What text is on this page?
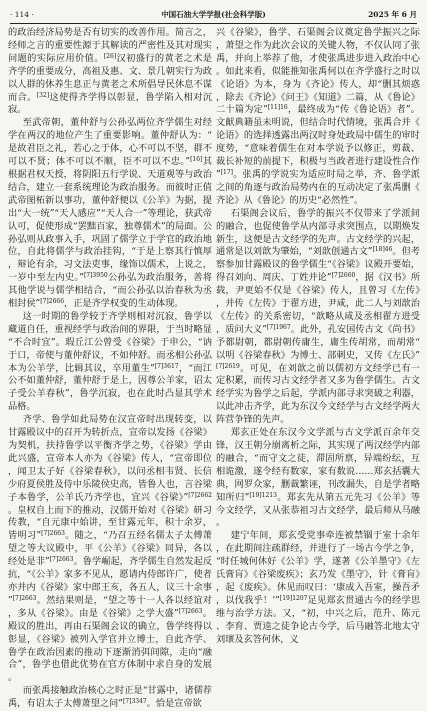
· 114 ·	中国石油大学学报(社会科学版)	2025 年 6 月

的政治经济局势是否有切实的改善作用。简言之，经师之言的重要性源于其解读的严密性及其对现实问题的实际应用价值。[26]汉初盛行的黄老之术是齐学的重要成分，高祖及惠、文、景几朝实行为政以人群的休养生息正与黄老之术所倡导民休息不谋而合。[32]这使得齐学得以彰显，鲁学陷入相对沉寂。

至武帝朝，董仲舒与公孙弘两位齐学儒生对经学在两汉的地位产生了重要影响。董仲舒认为：“是故君臣之礼，若心之于体，心不可以不坚，群不可以不贤；体不可以不顺，臣不可以不忠。”[16]其根据君权天授，将阴阳五行学说、天道观等与政治结合，建立一套系统理论为政治服务。而彼时正值武帝图柘新以事功，董仲舒便以《公羊》为据，提出“大一统”“天人感应”“天人合一”等理论，获武帝认可，促使形成“罢黜百家，独尊儒术”的局面。公孙弘则从政事入手，巩固了儒学立于学官的政治地位，自此将儒学与政治挂钩，“于是上察其行慎厚，辩论有余，习文法吏事，缘饰以儒术，上说之，一岁中至左内史。”$^{[7]3950}$公孙弘为政治服务，善将其他学说与儒学相结合，“而公孙弘以治春秋为丞相封侯”$^{[7]2666}$，正是齐学权变的生动体现。

这一时期的鲁学较于齐学则相对沉寂，鲁学以藏道自任，重视经学与政治间的界限，于当时略显“不合时宜”。瑕丘江公曾受《谷梁》于申公，“讷于口，帝使与董仲舒议，不如仲舒。而丞相公孙弘本为公羊学，比辑其议，卒用董生”$^{[7]3617}$，“而江公不如董仲舒，董仲舒于是上，因尊公羊家，诏太子受公羊春秋”，鲁学沉寂，也在此时凸显其学术品格。

齐学、鲁学如此局势在汉宣帝时出现转变，以甘露殿议中的召开为转折点，宣帝以发扬《谷梁》为契机，扶持鲁学以平衡齐学之势，《谷梁》学由此兴盛，宣帝本人亦为《谷梁》传人，“宣帝即位，闻卫太子好《谷梁春秋》，以问丞相韦贤、长信少府夏侯胜及侍中乐陵侯史高，皆鲁人也，言谷梁子本鲁学，公羊氏乃齐学也，宜兴《谷梁》”$^{[7]2662}$。皇权自上而下的推动，汉儒开始对《谷梁》研习传教，“自元康中始讲，至甘露元年，积十余岁，皆明习”$^{[7]2663}$。随之，“乃召五经名儒太子太傅萧望之等大议殿中，平《公羊》《谷梁》同异，各以经处是非”$^{[7]2663}$。鲁学崛起，齐学儒生自然发起反抗，“《公羊》家多不见从，愿请内侍郎许广，使者亦并内《谷梁》家中郎王亥，各五人，议三十余事”$^{[7]2663}$。然结果则是，“望之等十一人各以经谊对，多从《谷梁》。由是《谷梁》之学大盛”$^{[7]2663}$。殿议的胜出，再由石渠阁会议的确立，鲁学终得以彰显，《谷梁》被列入学官并立博士，自此齐学、鲁学在政治因素的推动下逐渐消弭间隙，走向“融合”，鲁学也借此优势在官方体制中求自身的发展。

而张禹接触政治核心之时正是“甘露中，诸儒荐禹，有诏太子太傅萧望之问”$^{[7]3347}$。恰是宣帝欲

兴《谷梁》，鲁学、石渠阁会议奠定鲁学振兴之际，萧望之作为此次会议的关键人物，不仅认同了张禹，并向上举荐了他，才使张禹进步进入政治中心。如此来看，似能推知张禹何以在齐学盛行之时以《论语》为本，身为《齐论》传人，却“删其烦惑，除去《齐论》《问王》《知道》二篇，从《鲁论》二十篇为定”$^{[11]16}$，最终成为“传《鲁论语》者”。文献典籍虽未明说，但结合时代情境，张禹合并《论语》的选择透露出两汉时身处政局中儒生的审时度势，“意味着儒生在对本学说予以修正，剪裁、裁长补短的前提下，积极与当政者进行建设性合作”[17]。张禹的学说实为适应时局之举，齐、鲁学派之间的角逐与政治局势内在的互动决定了张禹删《齐论》从《鲁论》的历史“必然性”。

石渠阁会议后，鲁学的振兴不仅带来了学派间的融合，也促使鲁学从内部寻求突围点，以期焕发新生，这便是古文经学的先声。古文经学的兴起，通常是以刘歆为肇始，“刘歆创通古文”$^{[18]46}$。但考察参加甘露殿议的鲁学儒生“《谷梁》议殿开要始，得召刘向、周庆、丁姓并论”$^{[7]2660}$，据《汉书》所载，尹更始不仅是《谷梁》传人，且曾习《左传》，并传《左传》于翟方进，尹咸，此二人与刘歆治《左传》的关系密切，“歆略从咸及丞相翟方进受，质问大义”$^{[7]1967}$。此外，孔安国传古文《尚书》予都尉朝，都尉朝传庸生，庸生传胡常，而胡常“以明《谷梁春秋》为博士、部刺史，又传《左氏》”$^{[7]2619}$。可见，在刘歆之前以儒初方文经学已有一定积累，而传习古文经学者又多为鲁学儒生。古文经学实为鲁学之后起，学派内部寻求突破之利器，以此冲击齐学，此为东汉今文经学与古文经学两大阵营争锋的先声。

郑玄正处在东汉今文学派与古文学派百余年交锋，汉王朝分崩离析之际，其实现了两汉经学内部的融合，“而守文之徒，滞固所禀，异端纷纭，互相诡激，遂令经有数家，家有数说……郑玄括囊大典，网罗众家，删裁繁诬，刊改漏失，自是学者略知所归”$^{[19]1213}$。郑玄先从第五元先习《公羊》等今文经学，又从张恭祖习古文经学，最后师从马融。

建宁年间，郑玄受党事牵连被禁锢于室十余年，在此期间注疏群经，并进行了一场古今学之争，“时任城何休好《公羊》学，遂著《公羊墨守》《左氏膏肓》《谷梁废疾》；玄乃发《墨守》，针《膏肓》，起《废疾》。休见而叹曰：‘康成入吾室，操吾矛，以伐我乎！’”$^{[19]1207}$足见郑玄贯通古今的经学思维与治学方法。又，“初，中兴之后，范升、陈元、李育、贾逵之徒争论古今学，后马融答北地太守刘瓌及玄答何休，义
